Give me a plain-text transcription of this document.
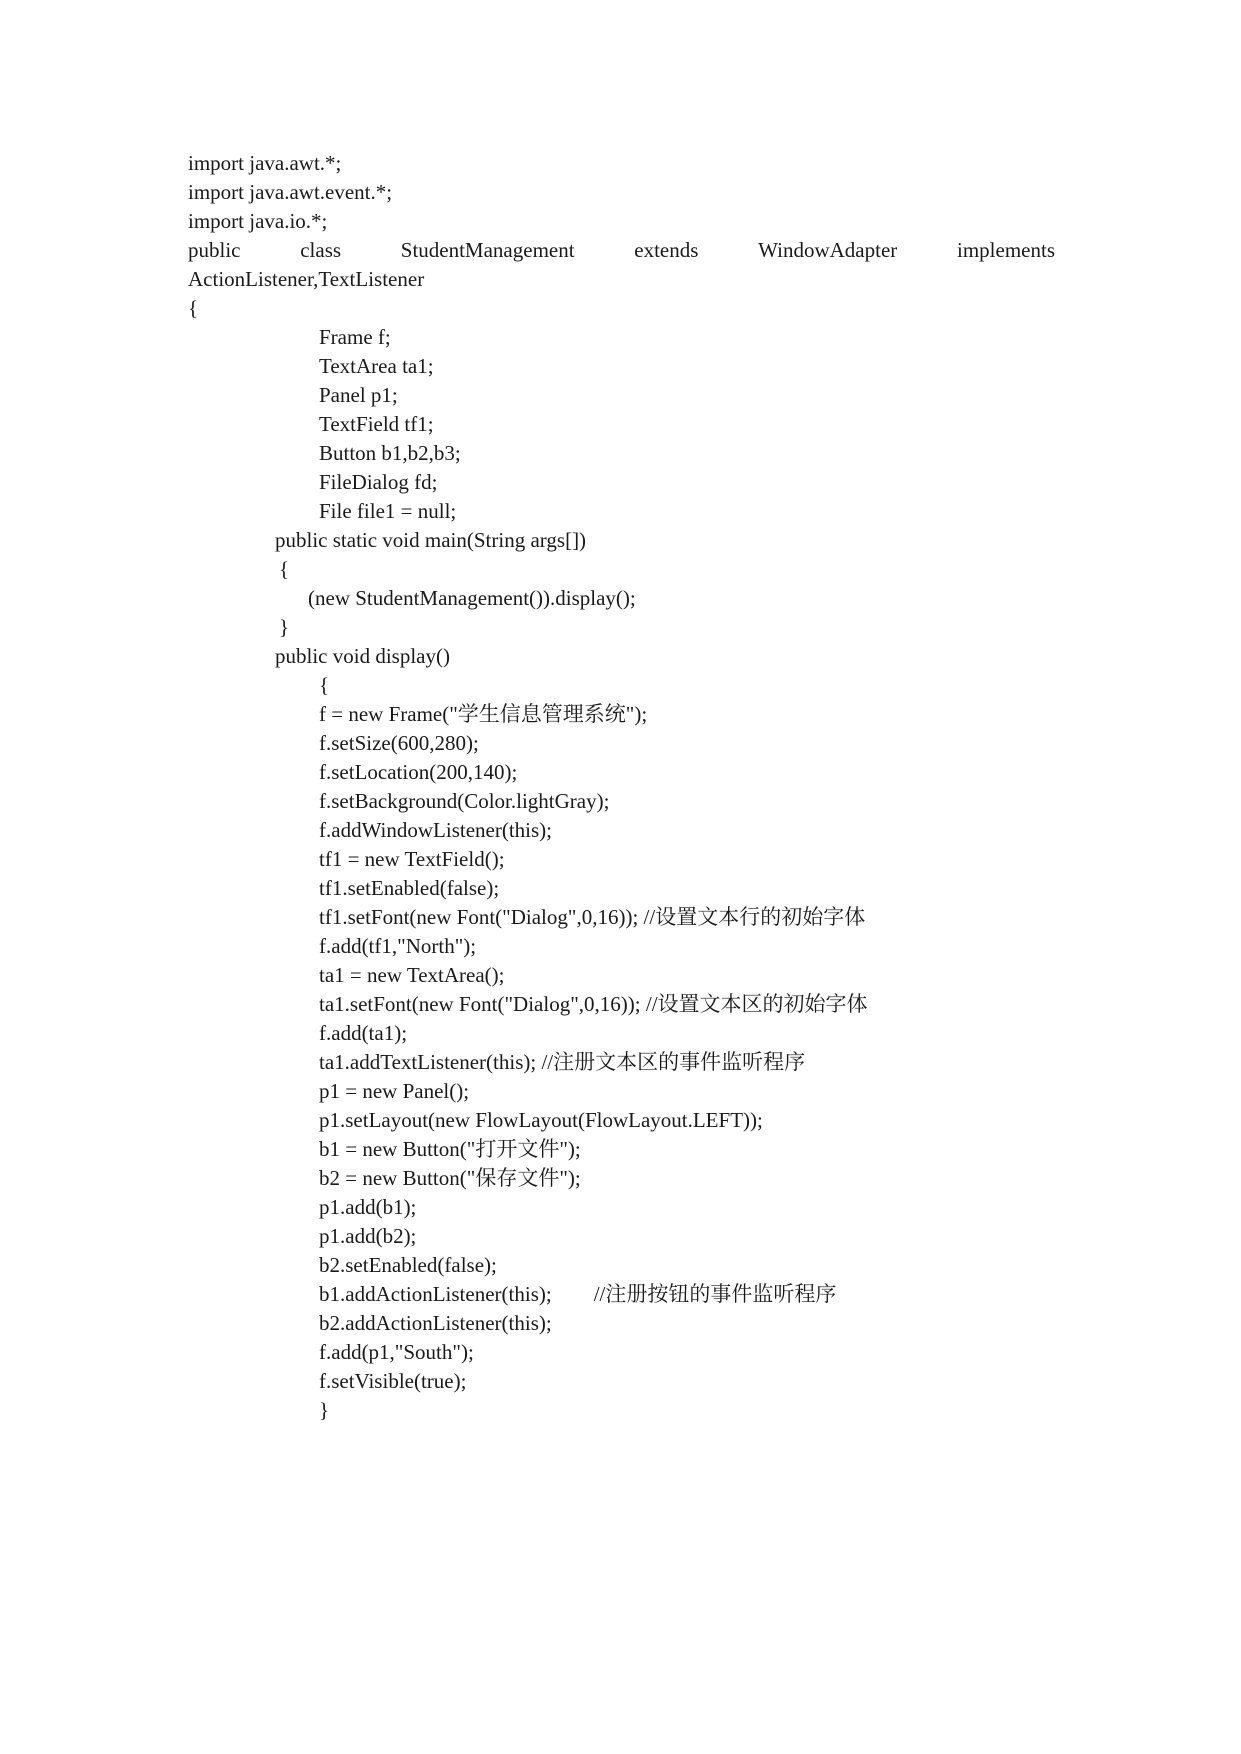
import java.awt.*;
import java.awt.event.*;
import java.io.*;
public	class	StudentManagement	extends	WindowAdapter	implements
ActionListener,TextListener
{
Frame f;
TextArea ta1;
Panel p1;
TextField tf1;
Button b1,b2,b3;
FileDialog fd;
File file1 = null;
public static void main(String args[])
{
(new StudentManagement()).display();
}
public void display()
{
f = new Frame("学生信息管理系统");
f.setSize(600,280);
f.setLocation(200,140);
f.setBackground(Color.lightGray);
f.addWindowListener(this);
tf1 = new TextField();
tf1.setEnabled(false);
tf1.setFont(new Font("Dialog",0,16)); //设置文本行的初始字体
f.add(tf1,"North");
ta1 = new TextArea();
ta1.setFont(new Font("Dialog",0,16)); //设置文本区的初始字体
f.add(ta1);
ta1.addTextListener(this); //注册文本区的事件监听程序
p1 = new Panel();
p1.setLayout(new FlowLayout(FlowLayout.LEFT));
b1 = new Button("打开文件");
b2 = new Button("保存文件");
p1.add(b1);
p1.add(b2);
b2.setEnabled(false);
b1.addActionListener(this);        //注册按钮的事件监听程序
b2.addActionListener(this);
f.add(p1,"South");
f.setVisible(true);
}
